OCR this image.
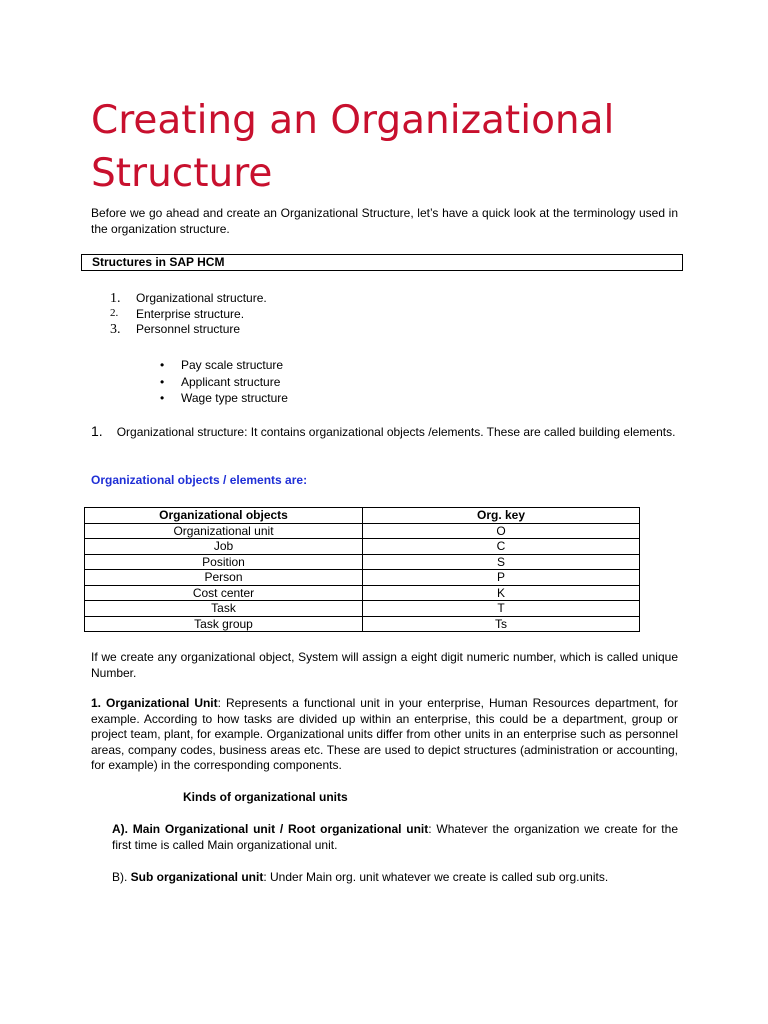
Creating an Organizational
Structure

Before we go ahead and create an Organizational Structure, let’s have a quick look at the terminology used in the organization structure.

Structures in SAP HCM
1. Organizational structure.
2. Enterprise structure.
3. Personnel structure
• Pay scale structure
• Applicant structure
• Wage type structure
1. Organizational structure: It contains organizational objects /elements. These are called building elements.
Organizational objects / elements are:
Organizational objects	Org. key
Organizational unit	O
Job	C
Position	S
Person	P
Cost center	K
Task	T
Task group	Ts

If we create any organizational object, System will assign a eight digit numeric number, which is called unique Number.

1. Organizational Unit: Represents a functional unit in your enterprise, Human Resources department, for example. According to how tasks are divided up within an enterprise, this could be a department, group or project team, plant, for example. Organizational units differ from other units in an enterprise such as personnel areas, company codes, business areas etc. These are used to depict structures (administration or accounting, for example) in the corresponding components.

Kinds of organizational units

A). Main Organizational unit / Root organizational unit: Whatever the organization we create for the first time is called Main organizational unit.

B). Sub organizational unit: Under Main org. unit whatever we create is called sub org.units.
